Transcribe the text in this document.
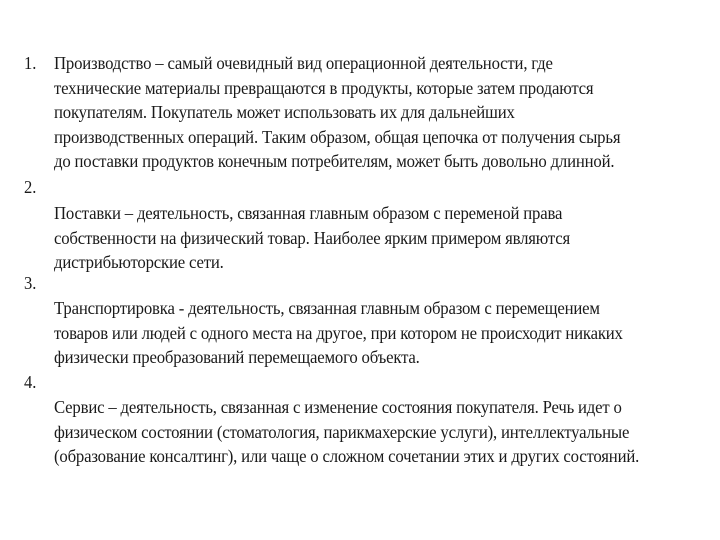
1. Производство – самый очевидный вид операционной деятельности, где
технические материалы превращаются в продукты, которые затем продаются
покупателям. Покупатель может использовать их для дальнейших
производственных операций. Таким образом, общая цепочка от получения сырья
до поставки продуктов конечным потребителям, может быть довольно длинной.
2.
Поставки – деятельность, связанная главным образом с переменой права
собственности на физический товар. Наиболее ярким примером являются
дистрибьюторские сети.
3.
Транспортировка - деятельность, связанная главным образом с перемещением
товаров или людей с одного места на другое, при котором не происходит никаких
физически преобразований перемещаемого объекта.
4.
Сервис – деятельность, связанная с изменение состояния покупателя. Речь идет о
физическом состоянии (стоматология, парикмахерские услуги), интеллектуальные
(образование консалтинг), или чаще о сложном сочетании этих и других состояний.
